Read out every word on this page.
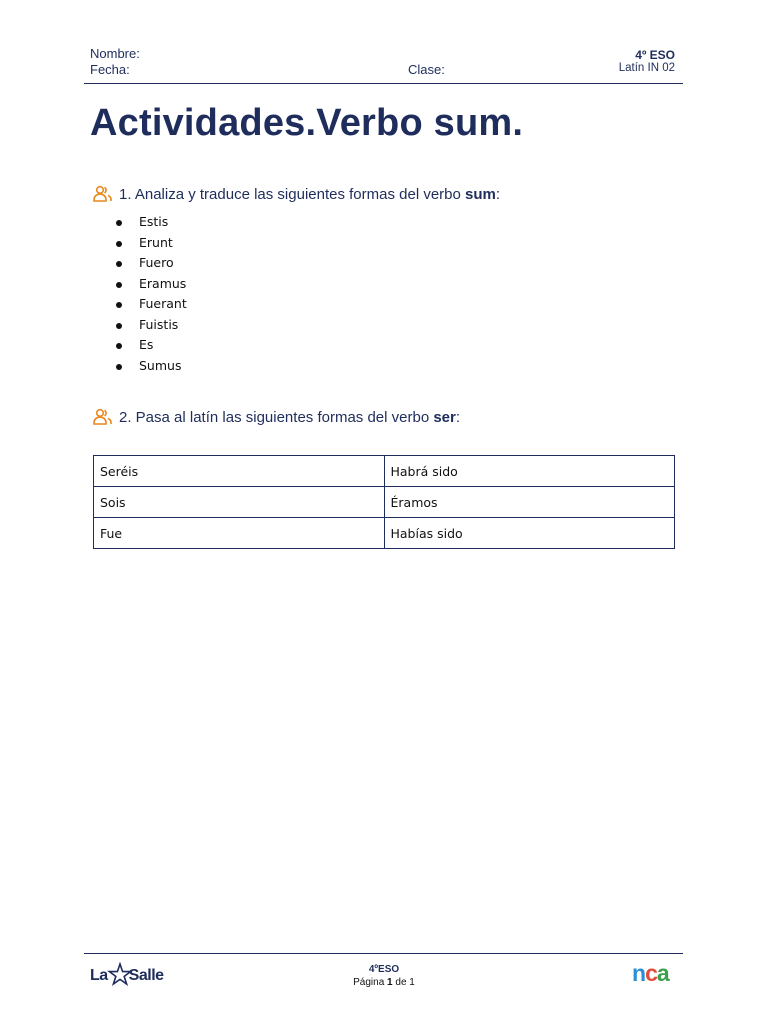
Nombre:
Fecha:	Clase:
4º ESO
Latín IN 02
Actividades.Verbo sum.
1. Analiza y traduce las siguientes formas del verbo sum:
Estis
Erunt
Fuero
Eramus
Fuerant
Fuistis
Es
Sumus
2. Pasa al latín las siguientes formas del verbo ser:
Seréis	Habrá sido
Sois	Éramos
Fue	Habías sido
La Salle	4ºESO
Página 1 de 1	nca
